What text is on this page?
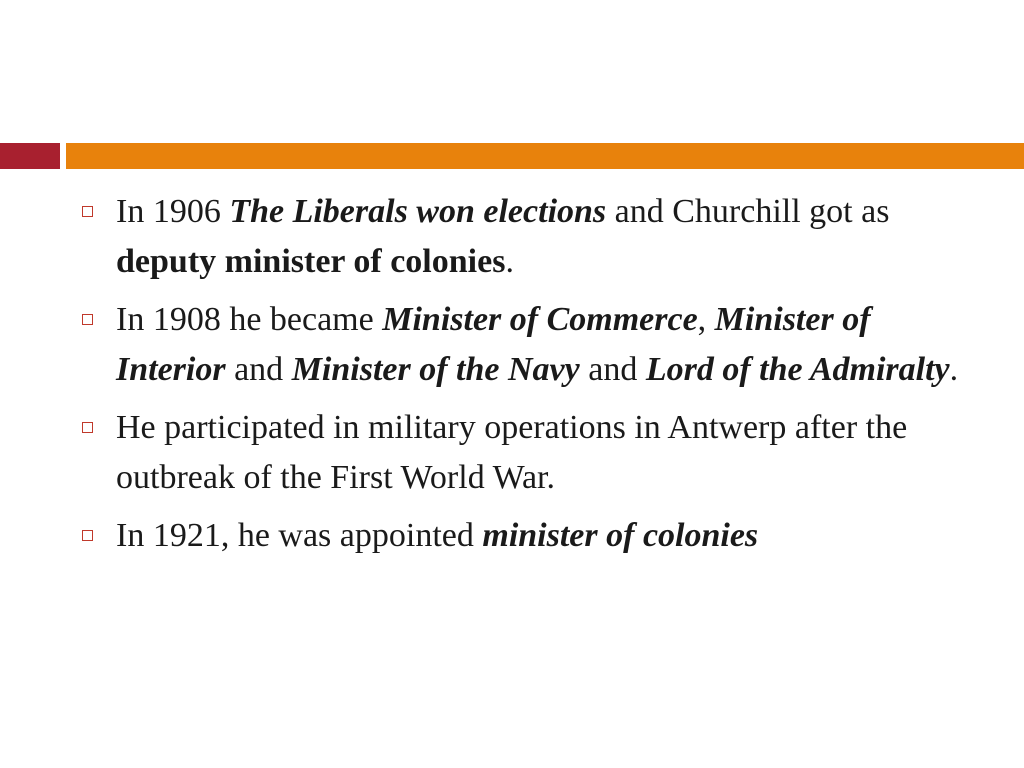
In 1906 The Liberals won elections and Churchill got as deputy minister of colonies.
In 1908 he became Minister of Commerce, Minister of Interior and Minister of the Navy and Lord of the Admiralty.
He participated in military operations in Antwerp after the outbreak of the First World War.
In 1921, he was appointed minister of colonies
